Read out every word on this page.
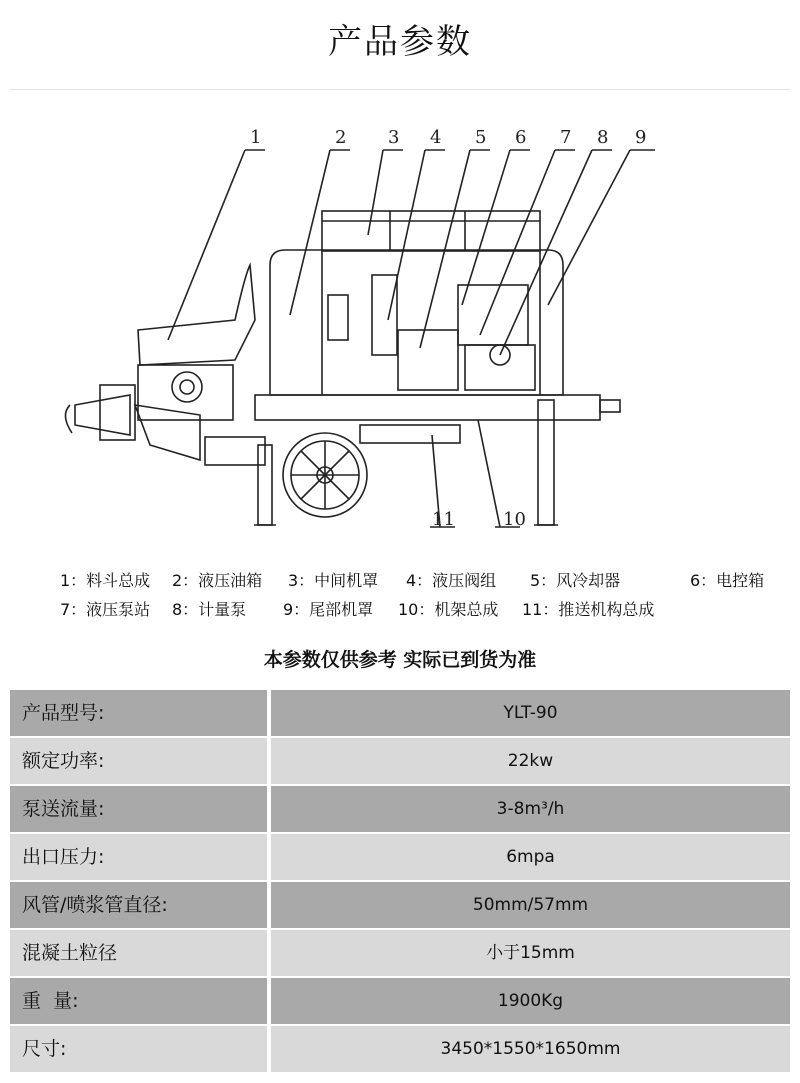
产品参数
1	2 3 4 5 6 7 8 9
10
11
1：料斗总成 2：液压油箱 3：中间机罩 4：液压阀组 5：风冷却器	6：电控箱
7：液压泵站 8：计量泵 9：尾部机罩 10：机架总成 11：推送机构总成
本参数仅供参考 实际已到货为准
产品型号:	YLT-90
额定功率:	22kw
泵送流量:	3-8m³/h
出口压力:	6mpa
风管/喷浆管直径:	50mm/57mm
混凝土粒径	小于15mm
重  量:	1900Kg
尺寸:	3450*1550*1650mm
